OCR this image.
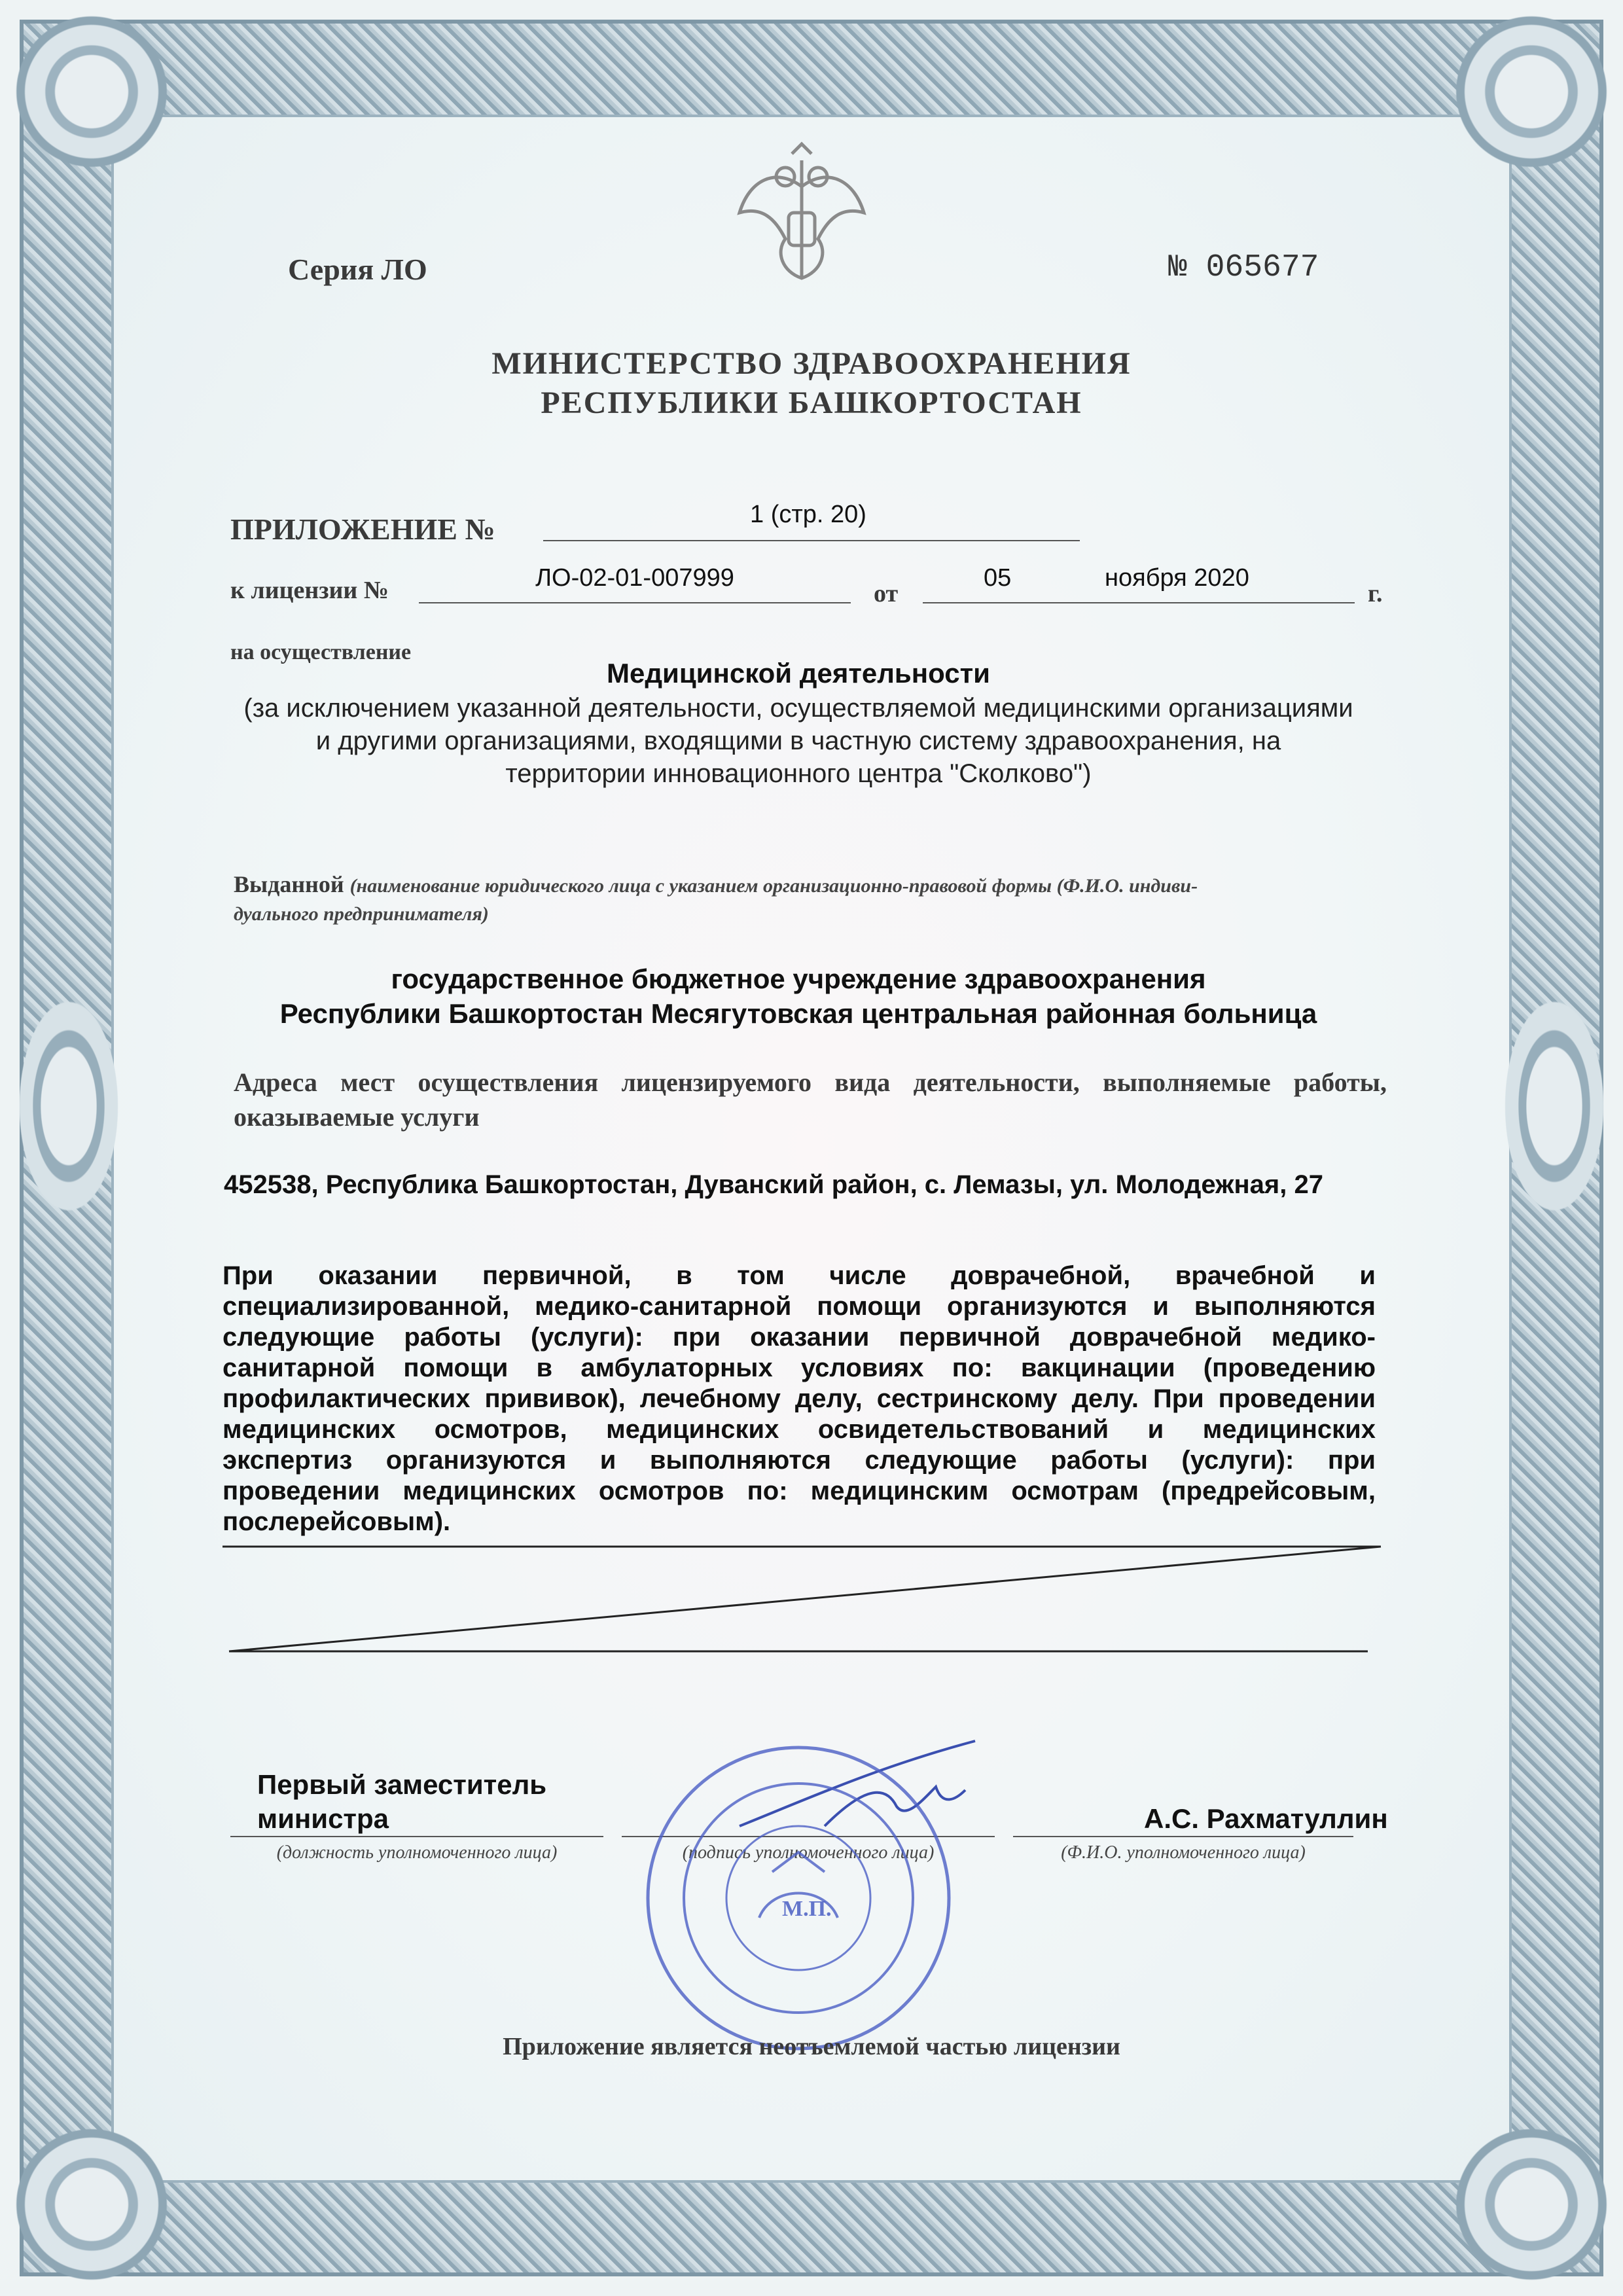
Серия ЛО	№ 065677
МИНИСТЕРСТВО ЗДРАВООХРАНЕНИЯ
РЕСПУБЛИКИ БАШКОРТОСТАН
ПРИЛОЖЕНИЕ №	1 (стр. 20)
к лицензии №	ЛО-02-01-007999
от
05	ноября 2020
г.
на осуществление
Медицинской деятельности
(за исключением указанной деятельности, осуществляемой медицинскими организациями
и другими организациями, входящими в частную систему здравоохранения, на
территории инновационного центра "Сколково")
Выданной (наименование юридического лица с указанием организационно-правовой формы (Ф.И.О. индиви-
дуального предпринимателя)
государственное бюджетное учреждение здравоохранения
Республики Башкортостан Месягутовская центральная районная больница
Адреса мест осуществления лицензируемого вида деятельности, выполняемые работы,
оказываемые услуги
452538, Республика Башкортостан, Дуванский район, с. Лемазы, ул. Молодежная, 27
При оказании первичной, в том числе доврачебной, врачебной и
специализированной, медико-санитарной помощи организуются и выполняются
следующие работы (услуги): при оказании первичной доврачебной медико-
санитарной помощи в амбулаторных условиях по: вакцинации (проведению
профилактических прививок), лечебному делу, сестринскому делу. При проведении
медицинских осмотров, медицинских освидетельствований и медицинских
экспертиз организуются и выполняются следующие работы (услуги): при
проведении медицинских осмотров по: медицинским осмотрам (предрейсовым,
послерейсовым).
Первый заместитель
министра	А.С. Рахматуллин
(должность уполномоченного лица)	(подпись уполномоченного лица)	(Ф.И.О. уполномоченного лица)
М.П.
Приложение является неотъемлемой частью лицензии
